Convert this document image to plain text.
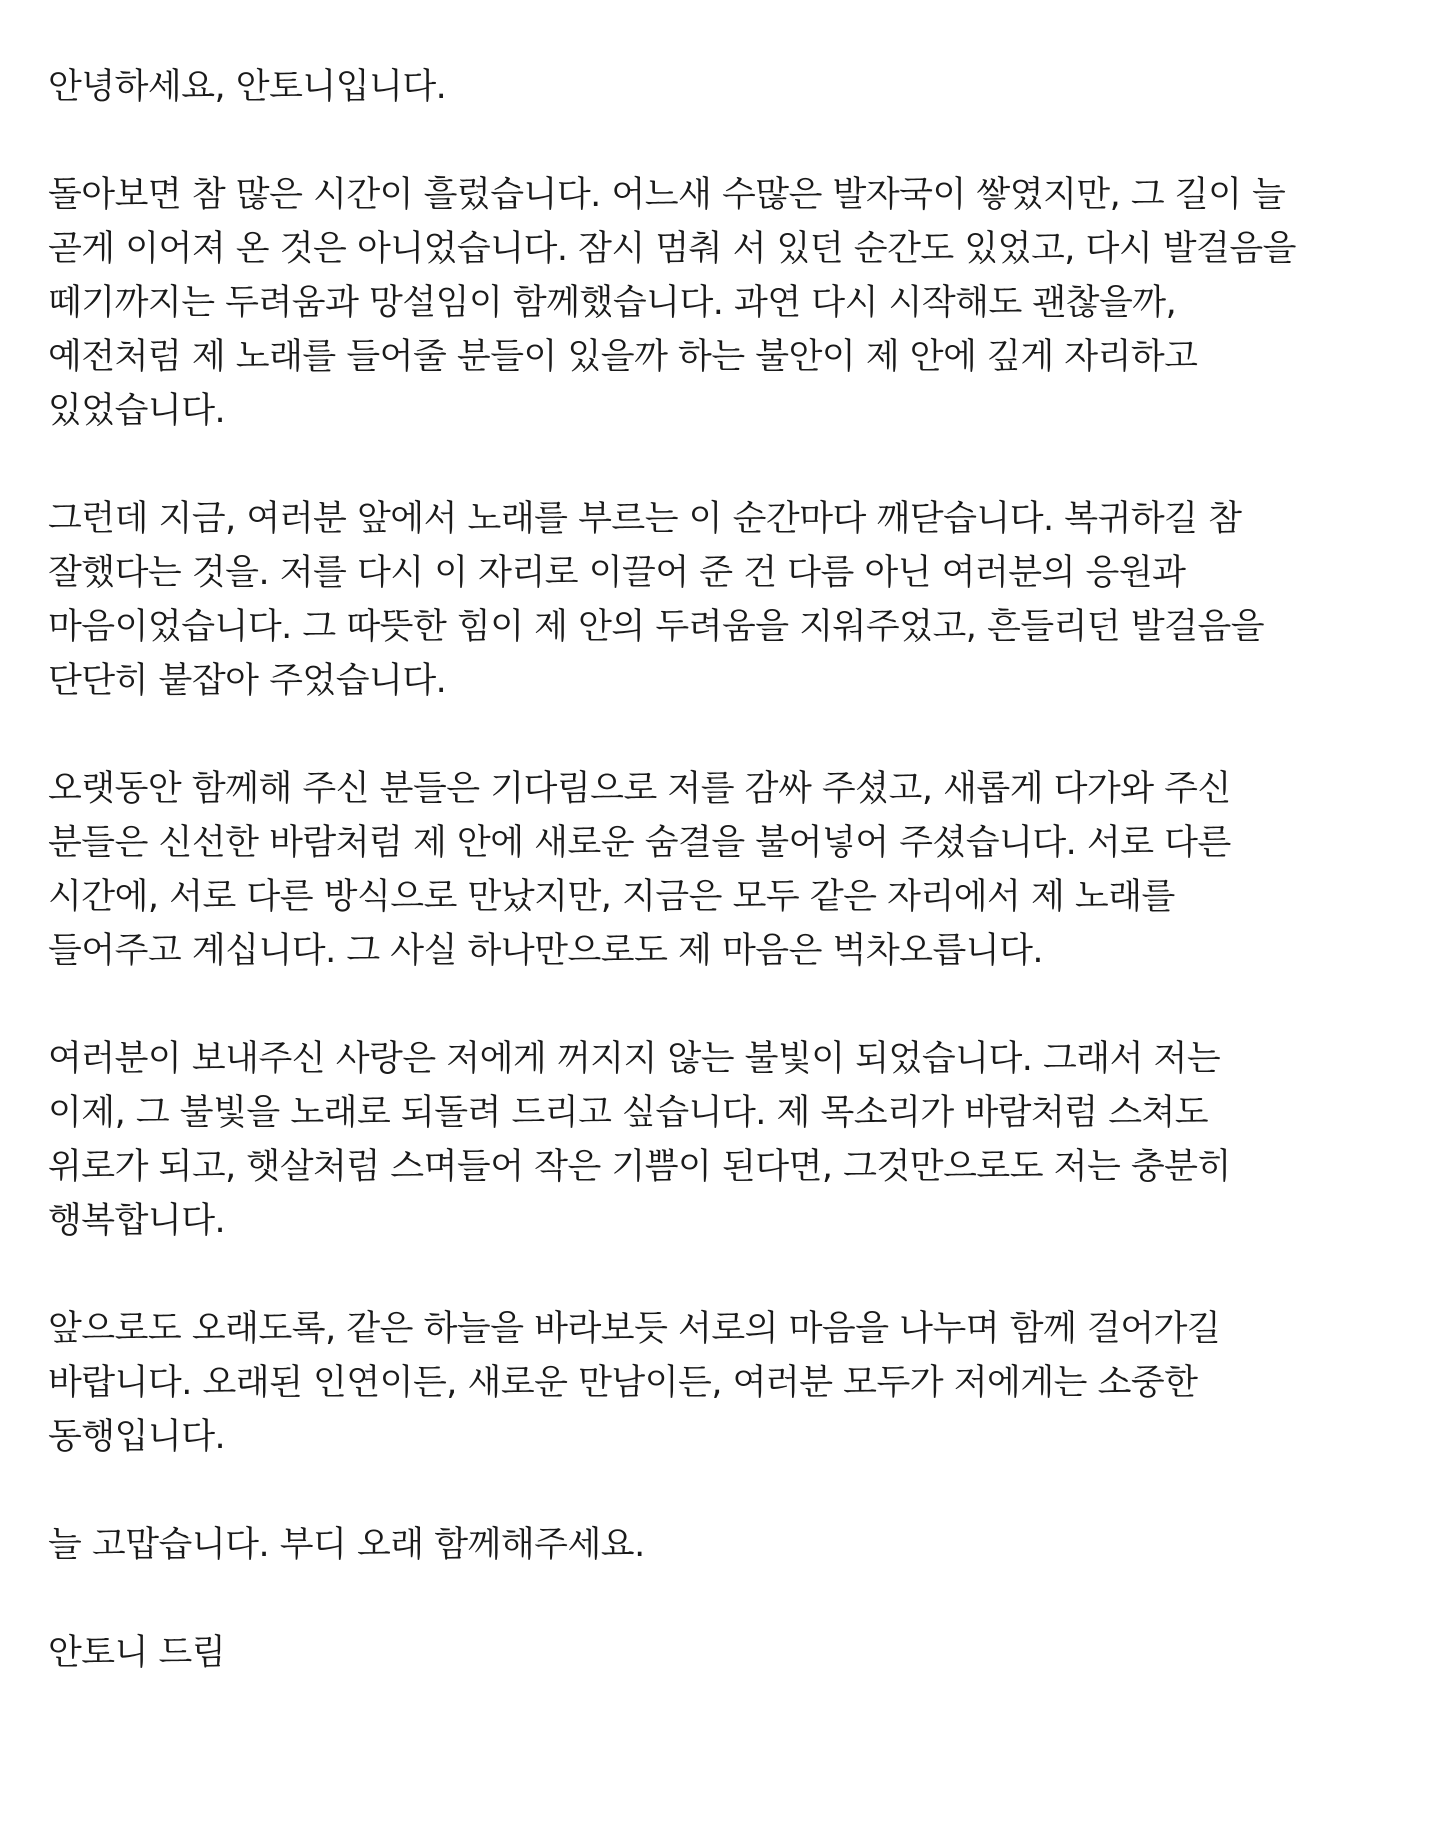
안녕하세요, 안토니입니다.
돌아보면 참 많은 시간이 흘렀습니다. 어느새 수많은 발자국이 쌓였지만, 그 길이 늘
곧게 이어져 온 것은 아니었습니다. 잠시 멈춰 서 있던 순간도 있었고, 다시 발걸음을
떼기까지는 두려움과 망설임이 함께했습니다. 과연 다시 시작해도 괜찮을까,
예전처럼 제 노래를 들어줄 분들이 있을까 하는 불안이 제 안에 깊게 자리하고
있었습니다.
그런데 지금, 여러분 앞에서 노래를 부르는 이 순간마다 깨닫습니다. 복귀하길 참
잘했다는 것을. 저를 다시 이 자리로 이끌어 준 건 다름 아닌 여러분의 응원과
마음이었습니다. 그 따뜻한 힘이 제 안의 두려움을 지워주었고, 흔들리던 발걸음을
단단히 붙잡아 주었습니다.
오랫동안 함께해 주신 분들은 기다림으로 저를 감싸 주셨고, 새롭게 다가와 주신
분들은 신선한 바람처럼 제 안에 새로운 숨결을 불어넣어 주셨습니다. 서로 다른
시간에, 서로 다른 방식으로 만났지만, 지금은 모두 같은 자리에서 제 노래를
들어주고 계십니다. 그 사실 하나만으로도 제 마음은 벅차오릅니다.
여러분이 보내주신 사랑은 저에게 꺼지지 않는 불빛이 되었습니다. 그래서 저는
이제, 그 불빛을 노래로 되돌려 드리고 싶습니다. 제 목소리가 바람처럼 스쳐도
위로가 되고, 햇살처럼 스며들어 작은 기쁨이 된다면, 그것만으로도 저는 충분히
행복합니다.
앞으로도 오래도록, 같은 하늘을 바라보듯 서로의 마음을 나누며 함께 걸어가길
바랍니다. 오래된 인연이든, 새로운 만남이든, 여러분 모두가 저에게는 소중한
동행입니다.
늘 고맙습니다. 부디 오래 함께해주세요.
안토니 드림
